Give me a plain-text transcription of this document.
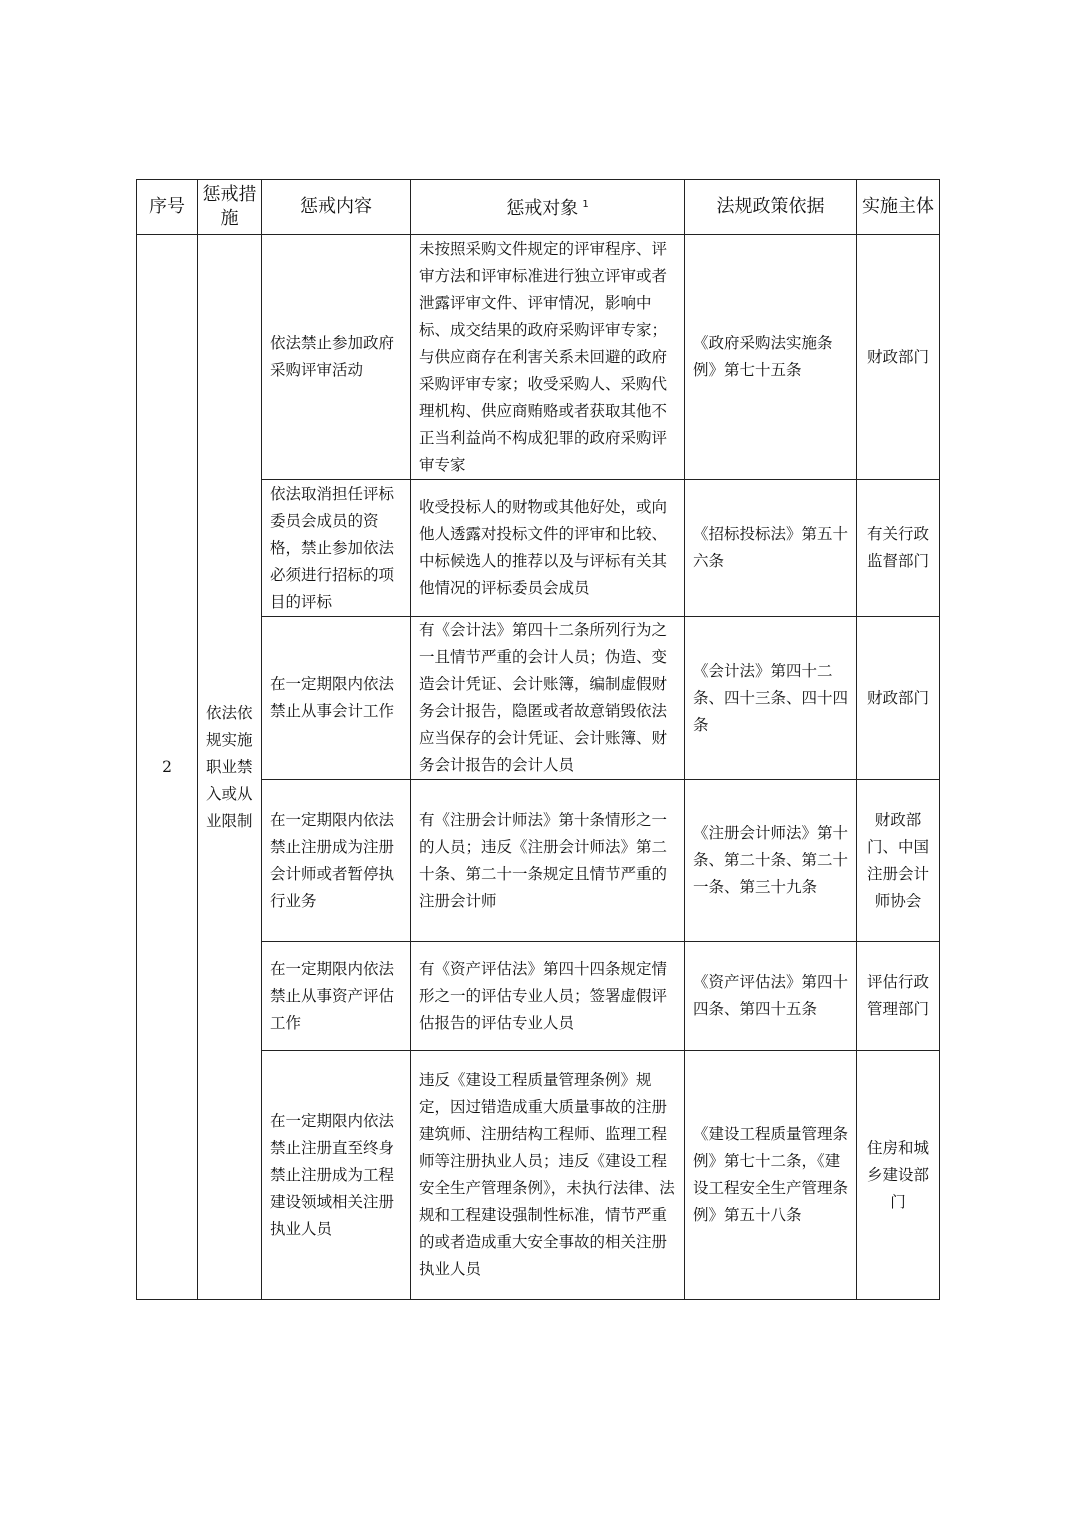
序号	惩戒措施	惩戒内容	惩戒对象 $^1$	法规政策依据	实施主体
2	依法依规实施职业禁入或从业限制	依法禁止参加政府采购评审活动	未按照采购文件规定的评审程序、评审方法和评审标准进行独立评审或者泄露评审文件、评审情况，影响中标、成交结果的政府采购评审专家；与供应商存在利害关系未回避的政府采购评审专家；收受采购人、采购代理机构、供应商贿赂或者获取其他不正当利益尚不构成犯罪的政府采购评审专家	《政府采购法实施条例》第七十五条	财政部门
		依法取消担任评标委员会成员的资格，禁止参加依法必须进行招标的项目的评标	收受投标人的财物或其他好处，或向他人透露对投标文件的评审和比较、中标候选人的推荐以及与评标有关其他情况的评标委员会成员	《招标投标法》第五十六条	有关行政监督部门
		在一定期限内依法禁止从事会计工作	有《会计法》第四十二条所列行为之一且情节严重的会计人员；伪造、变造会计凭证、会计账簿，编制虚假财务会计报告，隐匿或者故意销毁依法应当保存的会计凭证、会计账簿、财务会计报告的会计人员	《会计法》第四十二条、四十三条、四十四条	财政部门
		在一定期限内依法禁止注册成为注册会计师或者暂停执行业务	有《注册会计师法》第十条情形之一的人员；违反《注册会计师法》第二十条、第二十一条规定且情节严重的注册会计师	《注册会计师法》第十条、第二十条、第二十一条、第三十九条	财政部门、中国注册会计师协会
		在一定期限内依法禁止从事资产评估工作	有《资产评估法》第四十四条规定情形之一的评估专业人员；签署虚假评估报告的评估专业人员	《资产评估法》第四十四条、第四十五条	评估行政管理部门
		在一定期限内依法禁止注册直至终身禁止注册成为工程建设领域相关注册执业人员	违反《建设工程质量管理条例》规定，因过错造成重大质量事故的注册建筑师、注册结构工程师、监理工程师等注册执业人员；违反《建设工程安全生产管理条例》，未执行法律、法规和工程建设强制性标准，情节严重的或者造成重大安全事故的相关注册执业人员	《建设工程质量管理条例》第七十二条，《建设工程安全生产管理条例》第五十八条	住房和城乡建设部门
